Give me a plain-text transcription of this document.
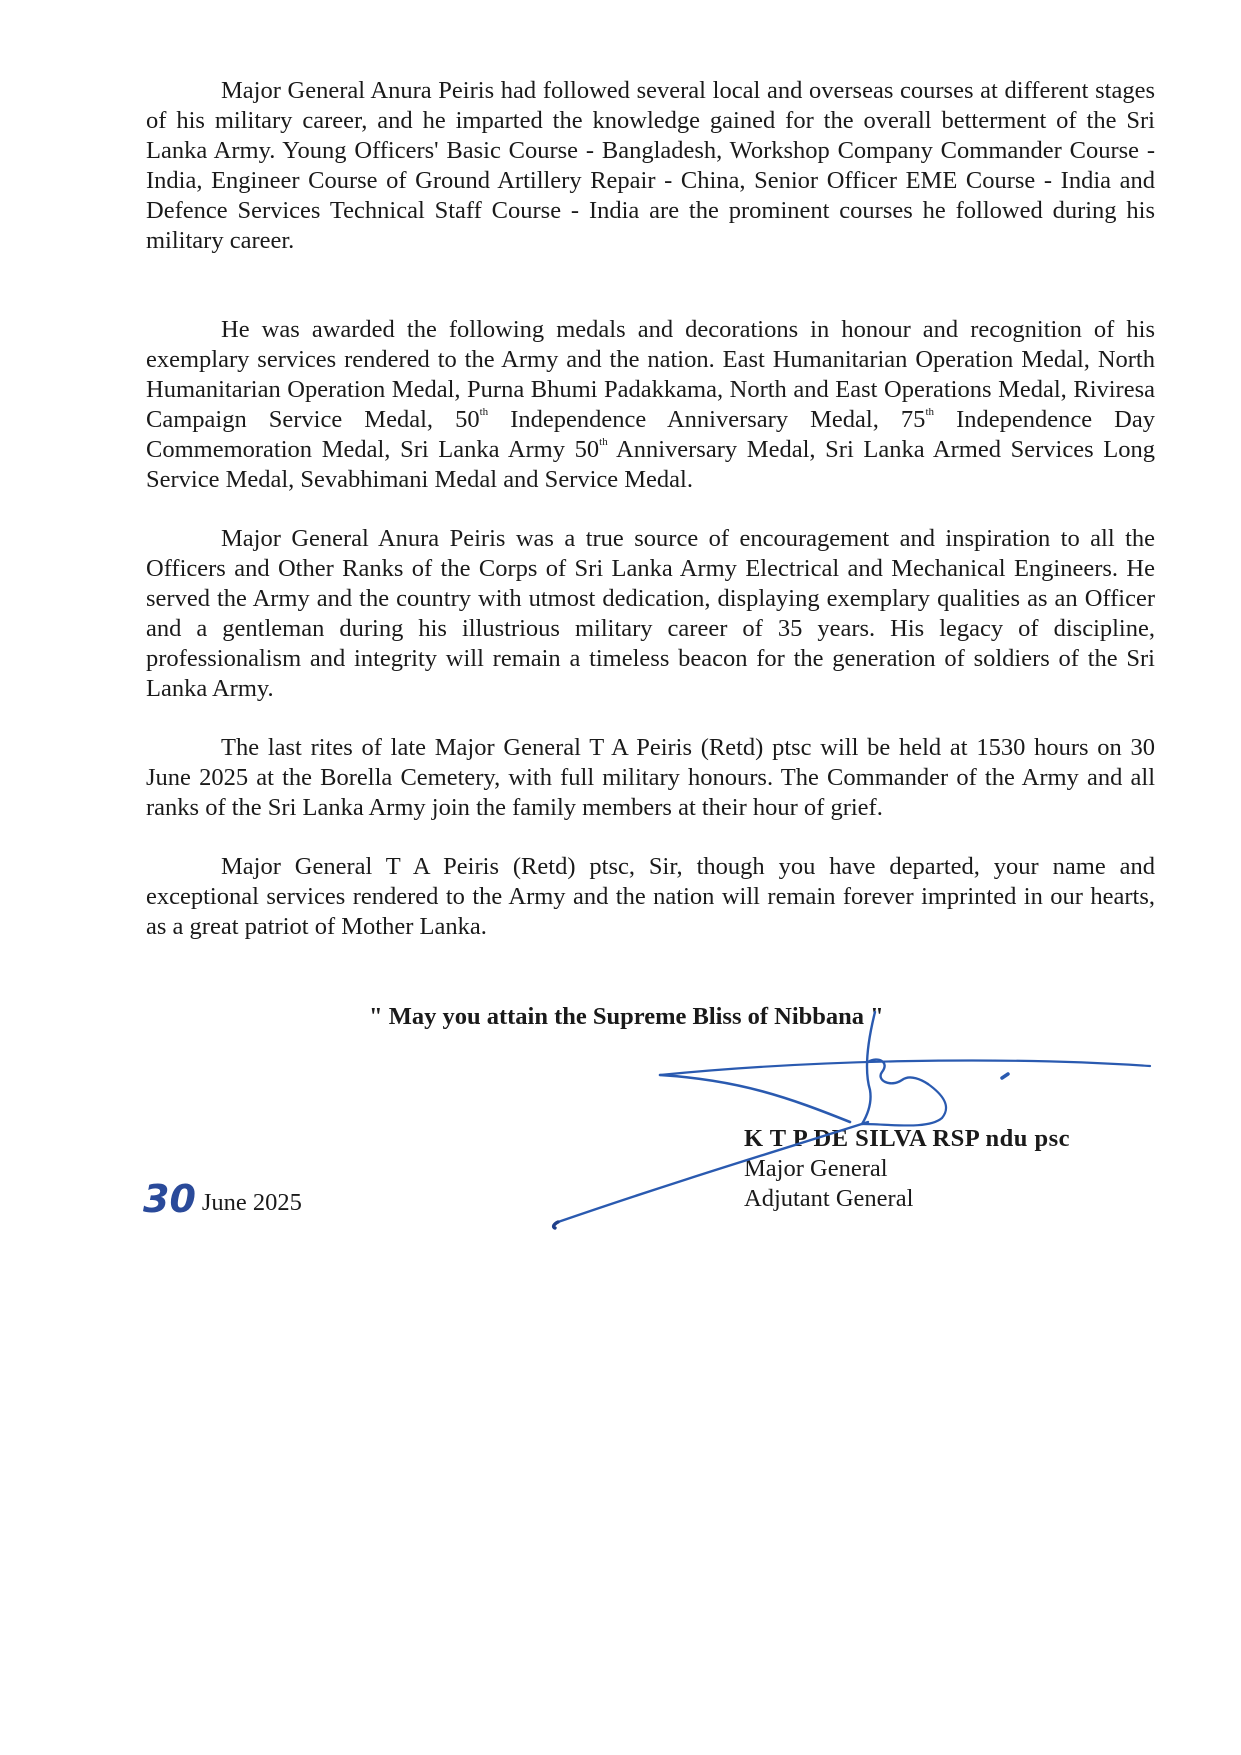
Major General Anura Peiris had followed several local and overseas courses at different stages of his military career, and he imparted the knowledge gained for the overall betterment of the Sri Lanka Army. Young Officers' Basic Course - Bangladesh, Workshop Company Commander Course - India, Engineer Course of Ground Artillery Repair - China, Senior Officer EME Course - India and Defence Services Technical Staff Course - India are the prominent courses he followed during his military career.

He was awarded the following medals and decorations in honour and recognition of his exemplary services rendered to the Army and the nation. East Humanitarian Operation Medal, North Humanitarian Operation Medal, Purna Bhumi Padakkama, North and East Operations Medal, Riviresa Campaign Service Medal, 50th Independence Anniversary Medal, 75th Independence Day Commemoration Medal, Sri Lanka Army 50th Anniversary Medal, Sri Lanka Armed Services Long Service Medal, Sevabhimani Medal and Service Medal.

Major General Anura Peiris was a true source of encouragement and inspiration to all the Officers and Other Ranks of the Corps of Sri Lanka Army Electrical and Mechanical Engineers. He served the Army and the country with utmost dedication, displaying exemplary qualities as an Officer and a gentleman during his illustrious military career of 35 years. His legacy of discipline, professionalism and integrity will remain a timeless beacon for the generation of soldiers of the Sri Lanka Army.

The last rites of late Major General T A Peiris (Retd) ptsc will be held at 1530 hours on 30 June 2025 at the Borella Cemetery, with full military honours. The Commander of the Army and all ranks of the Sri Lanka Army join the family members at their hour of grief.

Major General T A Peiris (Retd) ptsc, Sir, though you have departed, your name and exceptional services rendered to the Army and the nation will remain forever imprinted in our hearts, as a great patriot of Mother Lanka.

" May you attain the Supreme Bliss of Nibbana "
K T P DE SILVA RSP ndu psc
Major General
Adjutant General
30 June 2025
